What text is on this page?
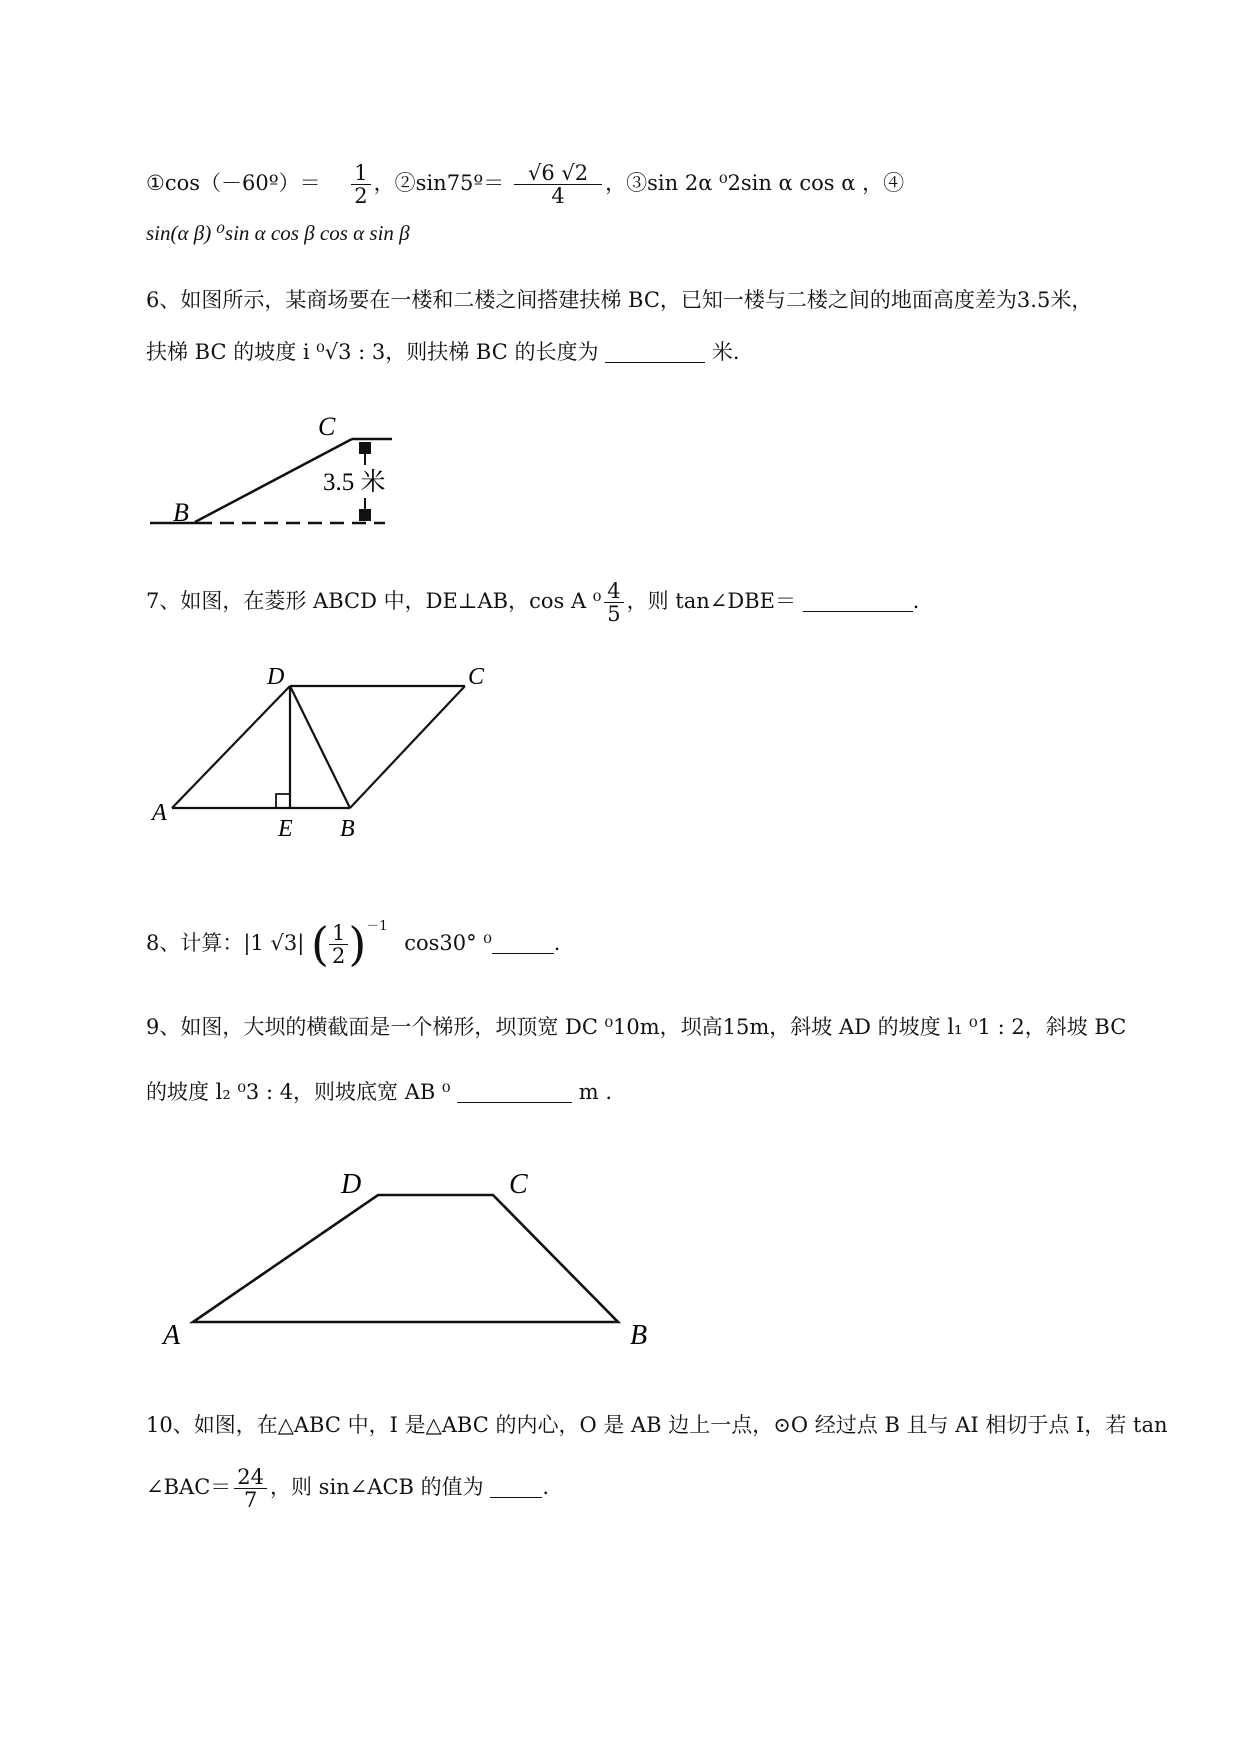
①cos（－60º）＝ $\frac{1}{2}$ ，②sin75º＝ $\frac{√6 √2}{4}$ ，③sin 2α ⁰2sin α cos α ，④
sin(α β) ⁰sin α cos β cos α sin β
6、如图所示，某商场要在一楼和二楼之间搭建扶梯 BC，已知一楼与二楼之间的地面高度差为3.5米，
扶梯 BC 的坡度 i ⁰√3 : 3，则扶梯 BC 的长度为	米.
C
B
3.5 米
7、如图，在菱形 ABCD 中，DE⊥AB，cos A $^0 \frac{4}{5}$ ，则 tan∠DBE＝	.
A
D	C
E B
8、计算：|1 √3| ( $\frac{1}{2} )^{-1}$ cos30° ⁰	.
9、如图，大坝的横截面是一个梯形，坝顶宽 DC ⁰10m，坝高15m，斜坡 AD 的坡度 l₁ ⁰1 : 2，斜坡 BC
的坡度 l₂ ⁰3 : 4，则坡底宽 AB ⁰	m .
A
D	C
B
10、如图，在△ABC 中，I 是△ABC 的内心，O 是 AB 边上一点，⊙O 经过点 B 且与 AI 相切于点 I，若 tan
∠BAC＝ $\frac{24}{7}$ ，则 sin∠ACB 的值为	.
